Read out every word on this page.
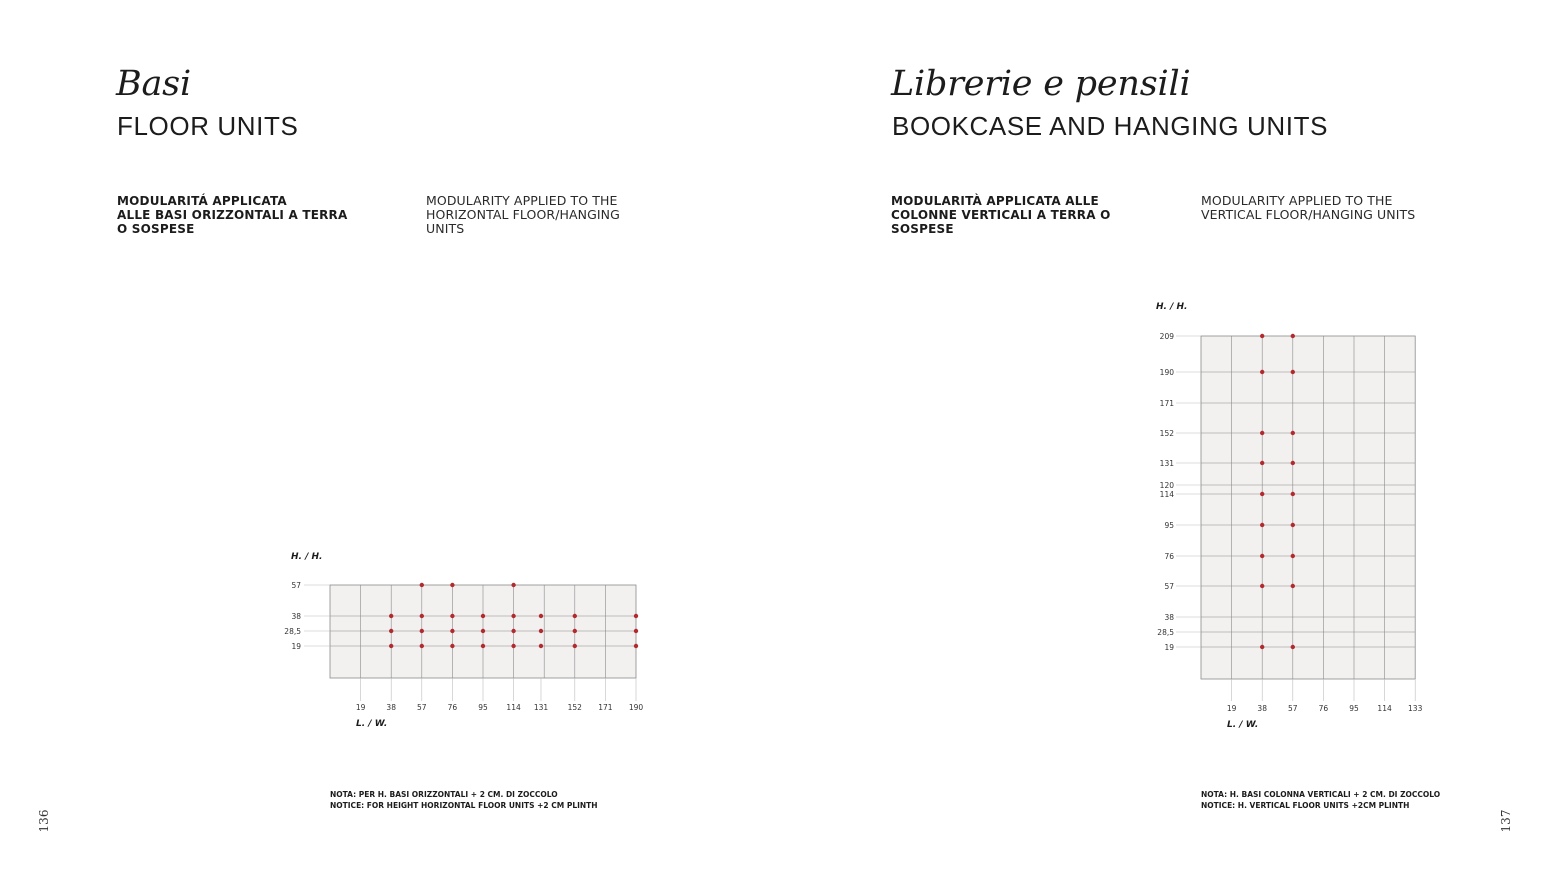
Basi
FLOOR UNITS
MODULARITÁ APPLICATA
ALLE BASI ORIZZONTALI A TERRA
O SOSPESE
MODULARITY APPLIED TO THE
HORIZONTAL FLOOR/HANGING
UNITS
57
38
28,5
19
19	38	57	76	95 114 131	152 171 190
H. / H.
L. / W.
NOTA: PER H. BASI ORIZZONTALI + 2 CM. DI ZOCCOLO
NOTICE: FOR HEIGHT HORIZONTAL FLOOR UNITS +2 CM PLINTH
136
Librerie e pensili
BOOKCASE AND HANGING UNITS
MODULARITÀ APPLICATA ALLE
COLONNE VERTICALI A TERRA O
SOSPESE
MODULARITY APPLIED TO THE
VERTICAL FLOOR/HANGING UNITS
209
190
171
152
131
120
114
95
76
57
38
28,5
19
19	38	57	76	95 114 133
H. / H.
L. / W.
NOTA: H. BASI COLONNA VERTICALI + 2 CM. DI ZOCCOLO
NOTICE: H. VERTICAL FLOOR UNITS +2CM PLINTH
137
